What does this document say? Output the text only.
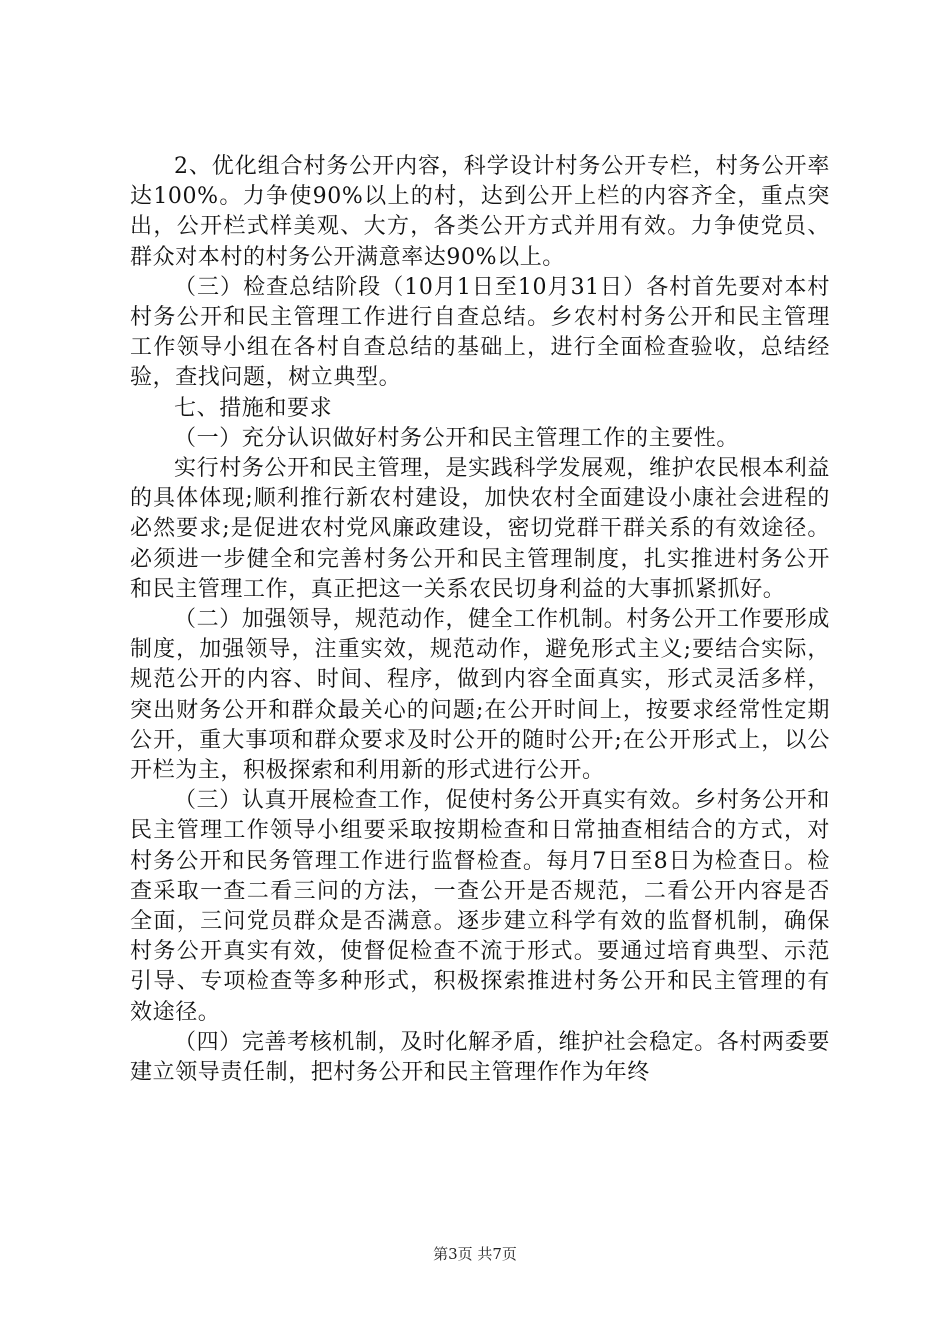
2、优化组合村务公开内容，科学设计村务公开专栏，村务公开率达100%。力争使90%以上的村，达到公开上栏的内容齐全，重点突出，公开栏式样美观、大方，各类公开方式并用有效。力争使党员、群众对本村的村务公开满意率达90%以上。

（三）检查总结阶段（10月1日至10月31日）各村首先要对本村村务公开和民主管理工作进行自查总结。乡农村村务公开和民主管理工作领导小组在各村自查总结的基础上，进行全面检查验收，总结经验，查找问题，树立典型。

七、措施和要求

（一）充分认识做好村务公开和民主管理工作的主要性。

实行村务公开和民主管理，是实践科学发展观，维护农民根本利益的具体体现;顺利推行新农村建设，加快农村全面建设小康社会进程的必然要求;是促进农村党风廉政建设，密切党群干群关系的有效途径。必须进一步健全和完善村务公开和民主管理制度，扎实推进村务公开和民主管理工作，真正把这一关系农民切身利益的大事抓紧抓好。

（二）加强领导，规范动作，健全工作机制。村务公开工作要形成制度，加强领导，注重实效，规范动作，避免形式主义;要结合实际，规范公开的内容、时间、程序，做到内容全面真实，形式灵活多样，突出财务公开和群众最关心的问题;在公开时间上，按要求经常性定期公开，重大事项和群众要求及时公开的随时公开;在公开形式上，以公开栏为主，积极探索和利用新的形式进行公开。

（三）认真开展检查工作，促使村务公开真实有效。乡村务公开和民主管理工作领导小组要采取按期检查和日常抽查相结合的方式，对村务公开和民务管理工作进行监督检查。每月7日至8日为检查日。检查采取一查二看三问的方法，一查公开是否规范，二看公开内容是否全面，三问党员群众是否满意。逐步建立科学有效的监督机制，确保村务公开真实有效，使督促检查不流于形式。要通过培育典型、示范引导、专项检查等多种形式，积极探索推进村务公开和民主管理的有效途径。

（四）完善考核机制，及时化解矛盾，维护社会稳定。各村两委要建立领导责任制，把村务公开和民主管理作作为年终

第3页 共7页
